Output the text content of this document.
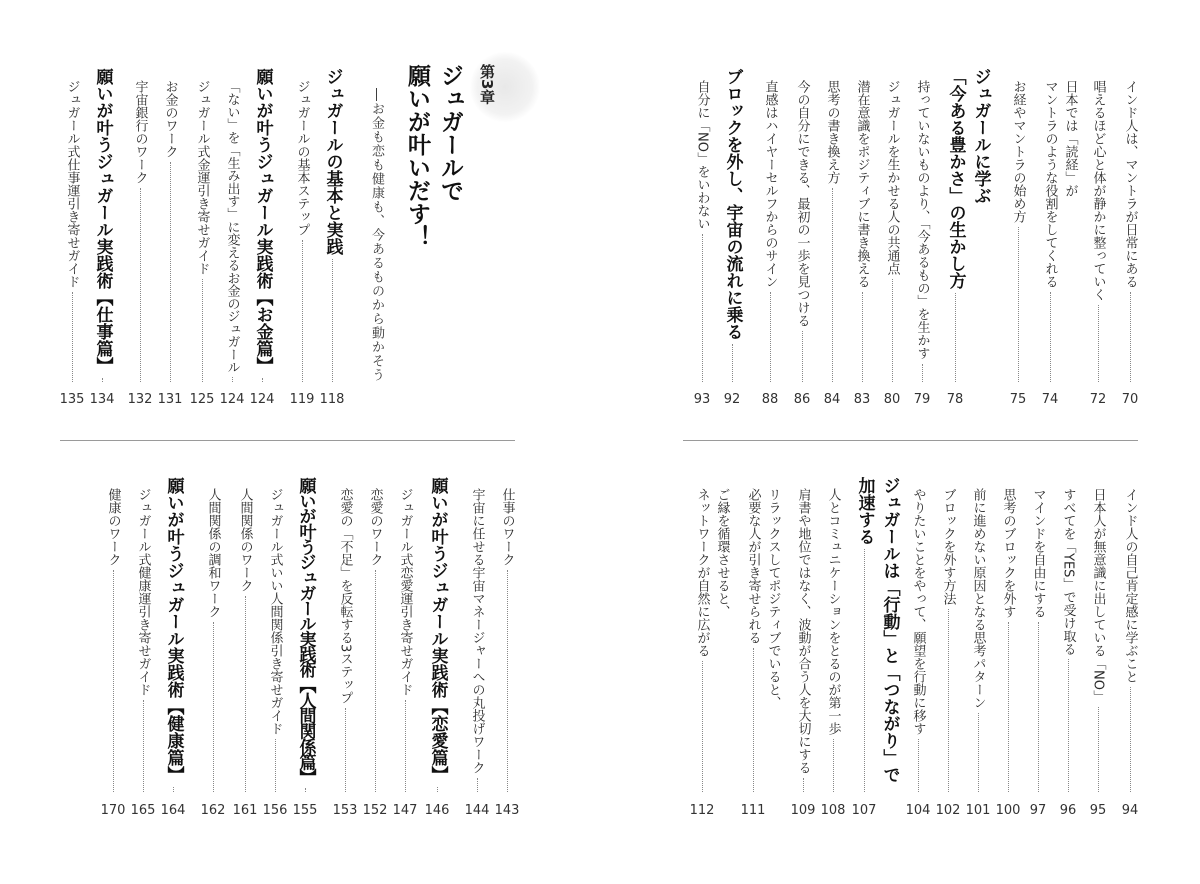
第3章
ジュガールで
願いが叶いだす！
―お金も恋も健康も、今あるものから動かそう	インド人は、マントラが日常にある
70
唱えるほど心と体が静かに整っていく
72
日本では「読経」が
マントラのような役割をしてくれる
74
お経やマントラの始め方
75
ジュガールに学ぶ
「今ある豊かさ」の生かし方
78
持っていないものより、「今あるもの」を生かす
79
ジュガールを生かせる人の共通点
80
潜在意識をポジティブに書き換える
83
思考の書き換え方
84
今の自分にできる、最初の一歩を見つける
86
直感はハイヤーセルフからのサイン
88
ブロックを外し、宇宙の流れに乗る
92
自分に「NO」をいわない
93
ジュガールの基本と実践
118
ジュガールの基本ステップ
119
願いが叶うジュガール実践術【お金篇】
124
「ない」を「生み出す」に変えるお金のジュガール
124
ジュガール式金運引き寄せガイド
125
お金のワーク
131
宇宙銀行のワーク
132
願いが叶うジュガール実践術【仕事篇】
134
ジュガール式仕事運引き寄せガイド
135
インド人の自己肯定感に学ぶこと
94
日本人が無意識に出している「NO」
95
すべてを「YES」で受け取る
96
マインドを自由にする
97
思考のブロックを外す
100
前に進めない原因となる思考パターン
101
ブロックを外す方法
102
やりたいことをやって、願望を行動に移す
104
ジュガールは「行動」と「つながり」で
加速する
107
人とコミュニケーションをとるのが第一歩
108
肩書や地位ではなく、波動が合う人を大切にする
109
リラックスしてポジティブでいると、
必要な人が引き寄せられる
111
ご縁を循環させると、
ネットワークが自然に広がる
112
仕事のワーク
143
宇宙に任せる宇宙マネージャーへの丸投げワーク
144
願いが叶うジュガール実践術【恋愛篇】
146
ジュガール式恋愛運引き寄せガイド
147
恋愛のワーク
152
恋愛の「不足」を反転する3ステップ
153
願いが叶うジュガール実践術【人間関係篇】
155
ジュガール式いい人間関係引き寄せガイド
156
人間関係のワーク
161
人間関係の調和ワーク
162
願いが叶うジュガール実践術【健康篇】
164
ジュガール式健康運引き寄せガイド
165
健康のワーク
170
